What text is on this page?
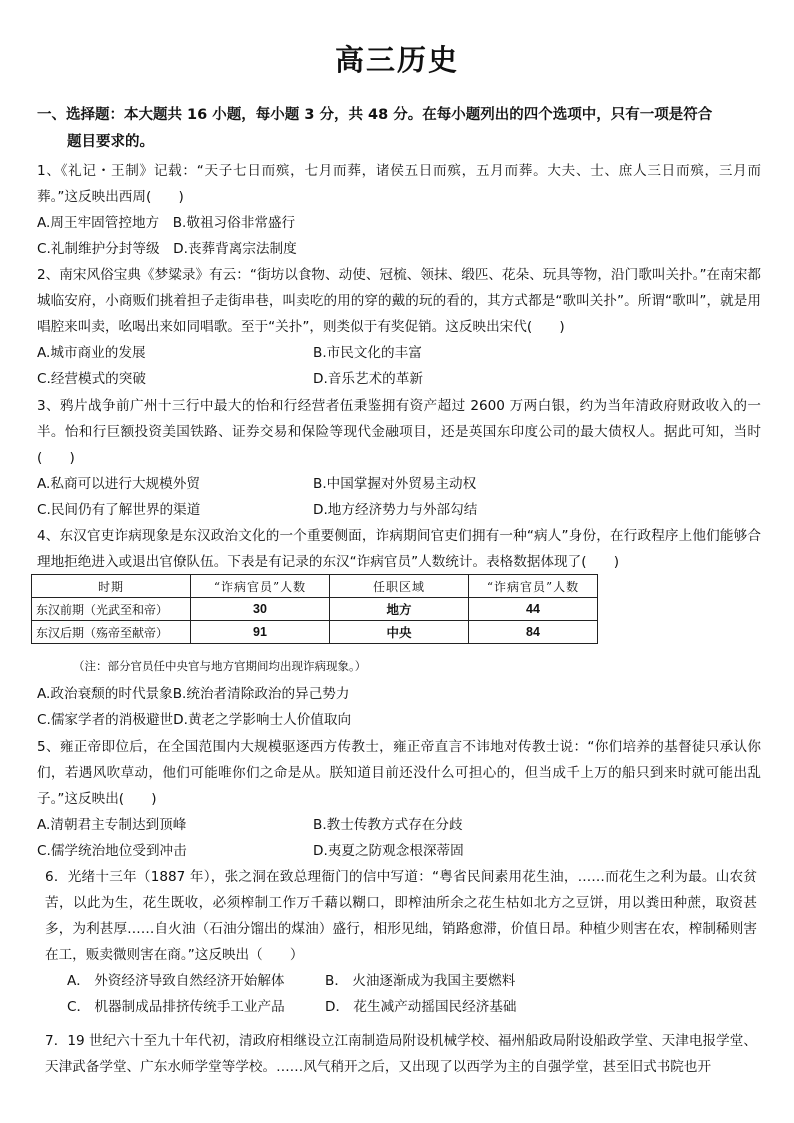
高三历史
一、选择题：本大题共 16 小题，每小题 3 分，共 48 分。在每小题列出的四个选项中，只有一项是符合
题目要求的。
1、《礼记・王制》记载：“天子七日而殡，七月而葬，诸侯五日而殡，五月而葬。大夫、士、庶人三日而殡，三月而葬。”这反映出西周(　　)
A.周王牢固管控地方　B.敬祖习俗非常盛行
C.礼制维护分封等级　D.丧葬背离宗法制度
2、南宋风俗宝典《梦粱录》有云：“街坊以食物、动使、冠梳、领抹、缎匹、花朵、玩具等物，沿门歌叫关扑。”在南宋都城临安府，小商贩们挑着担子走街串巷，叫卖吃的用的穿的戴的玩的看的，其方式都是“歌叫关扑”。所谓“歌叫”，就是用唱腔来叫卖，吆喝出来如同唱歌。至于“关扑”，则类似于有奖促销。这反映出宋代(　　)
A.城市商业的发展	B.市民文化的丰富
C.经营模式的突破	D.音乐艺术的革新
3、鸦片战争前广州十三行中最大的怡和行经营者伍秉鉴拥有资产超过 2600 万两白银，约为当年清政府财政收入的一半。怡和行巨额投资美国铁路、证券交易和保险等现代金融项目，还是英国东印度公司的最大债权人。据此可知，当时(　　)
A.私商可以进行大规模外贸	B.中国掌握对外贸易主动权
C.民间仍有了解世界的渠道	D.地方经济势力与外部勾结
4、东汉官吏诈病现象是东汉政治文化的一个重要侧面，诈病期间官吏们拥有一种“病人”身份，在行政程序上他们能够合理地拒绝进入或退出官僚队伍。下表是有记录的东汉“诈病官员”人数统计。表格数据体现了(　　)
时期	“诈病官员”人数	任职区域	“诈病官员”人数
东汉前期（光武至和帝）	30	地方	44
东汉后期（殇帝至献帝）	91	中央	84
（注：部分官员任中央官与地方官期间均出现诈病现象。）
A.政治衰颓的时代景象B.统治者清除政治的异己势力
C.儒家学者的消极避世D.黄老之学影响士人价值取向
5、雍正帝即位后，在全国范围内大规模驱逐西方传教士，雍正帝直言不讳地对传教士说：“你们培养的基督徒只承认你们，若遇风吹草动，他们可能唯你们之命是从。朕知道目前还没什么可担心的，但当成千上万的船只到来时就可能出乱子。”这反映出(　　)
A.清朝君主专制达到顶峰	B.教士传教方式存在分歧
C.儒学统治地位受到冲击	D.夷夏之防观念根深蒂固
6．光绪十三年（1887 年），张之洞在致总理衙门的信中写道：“粤省民间素用花生油，……而花生之利为最。山农贫苦，以此为生，花生既收，必须榨制工作万千藉以糊口，即榨油所余之花生枯如北方之豆饼，用以粪田种蔗，取资甚多，为利甚厚……自火油（石油分馏出的煤油）盛行，相形见绌，销路愈滞，价值日昂。种植少则害在农，榨制稀则害在工，贩卖微则害在商。”这反映出（　　）
A． 外资经济导致自然经济开始解体	B． 火油逐渐成为我国主要燃料
C． 机器制成品排挤传统手工业产品	D． 花生减产动摇国民经济基础
7．19 世纪六十至九十年代初，清政府相继设立江南制造局附设机械学校、福州船政局附设船政学堂、天津电报学堂、天津武备学堂、广东水师学堂等学校。……风气稍开之后，又出现了以西学为主的自强学堂，甚至旧式书院也开
